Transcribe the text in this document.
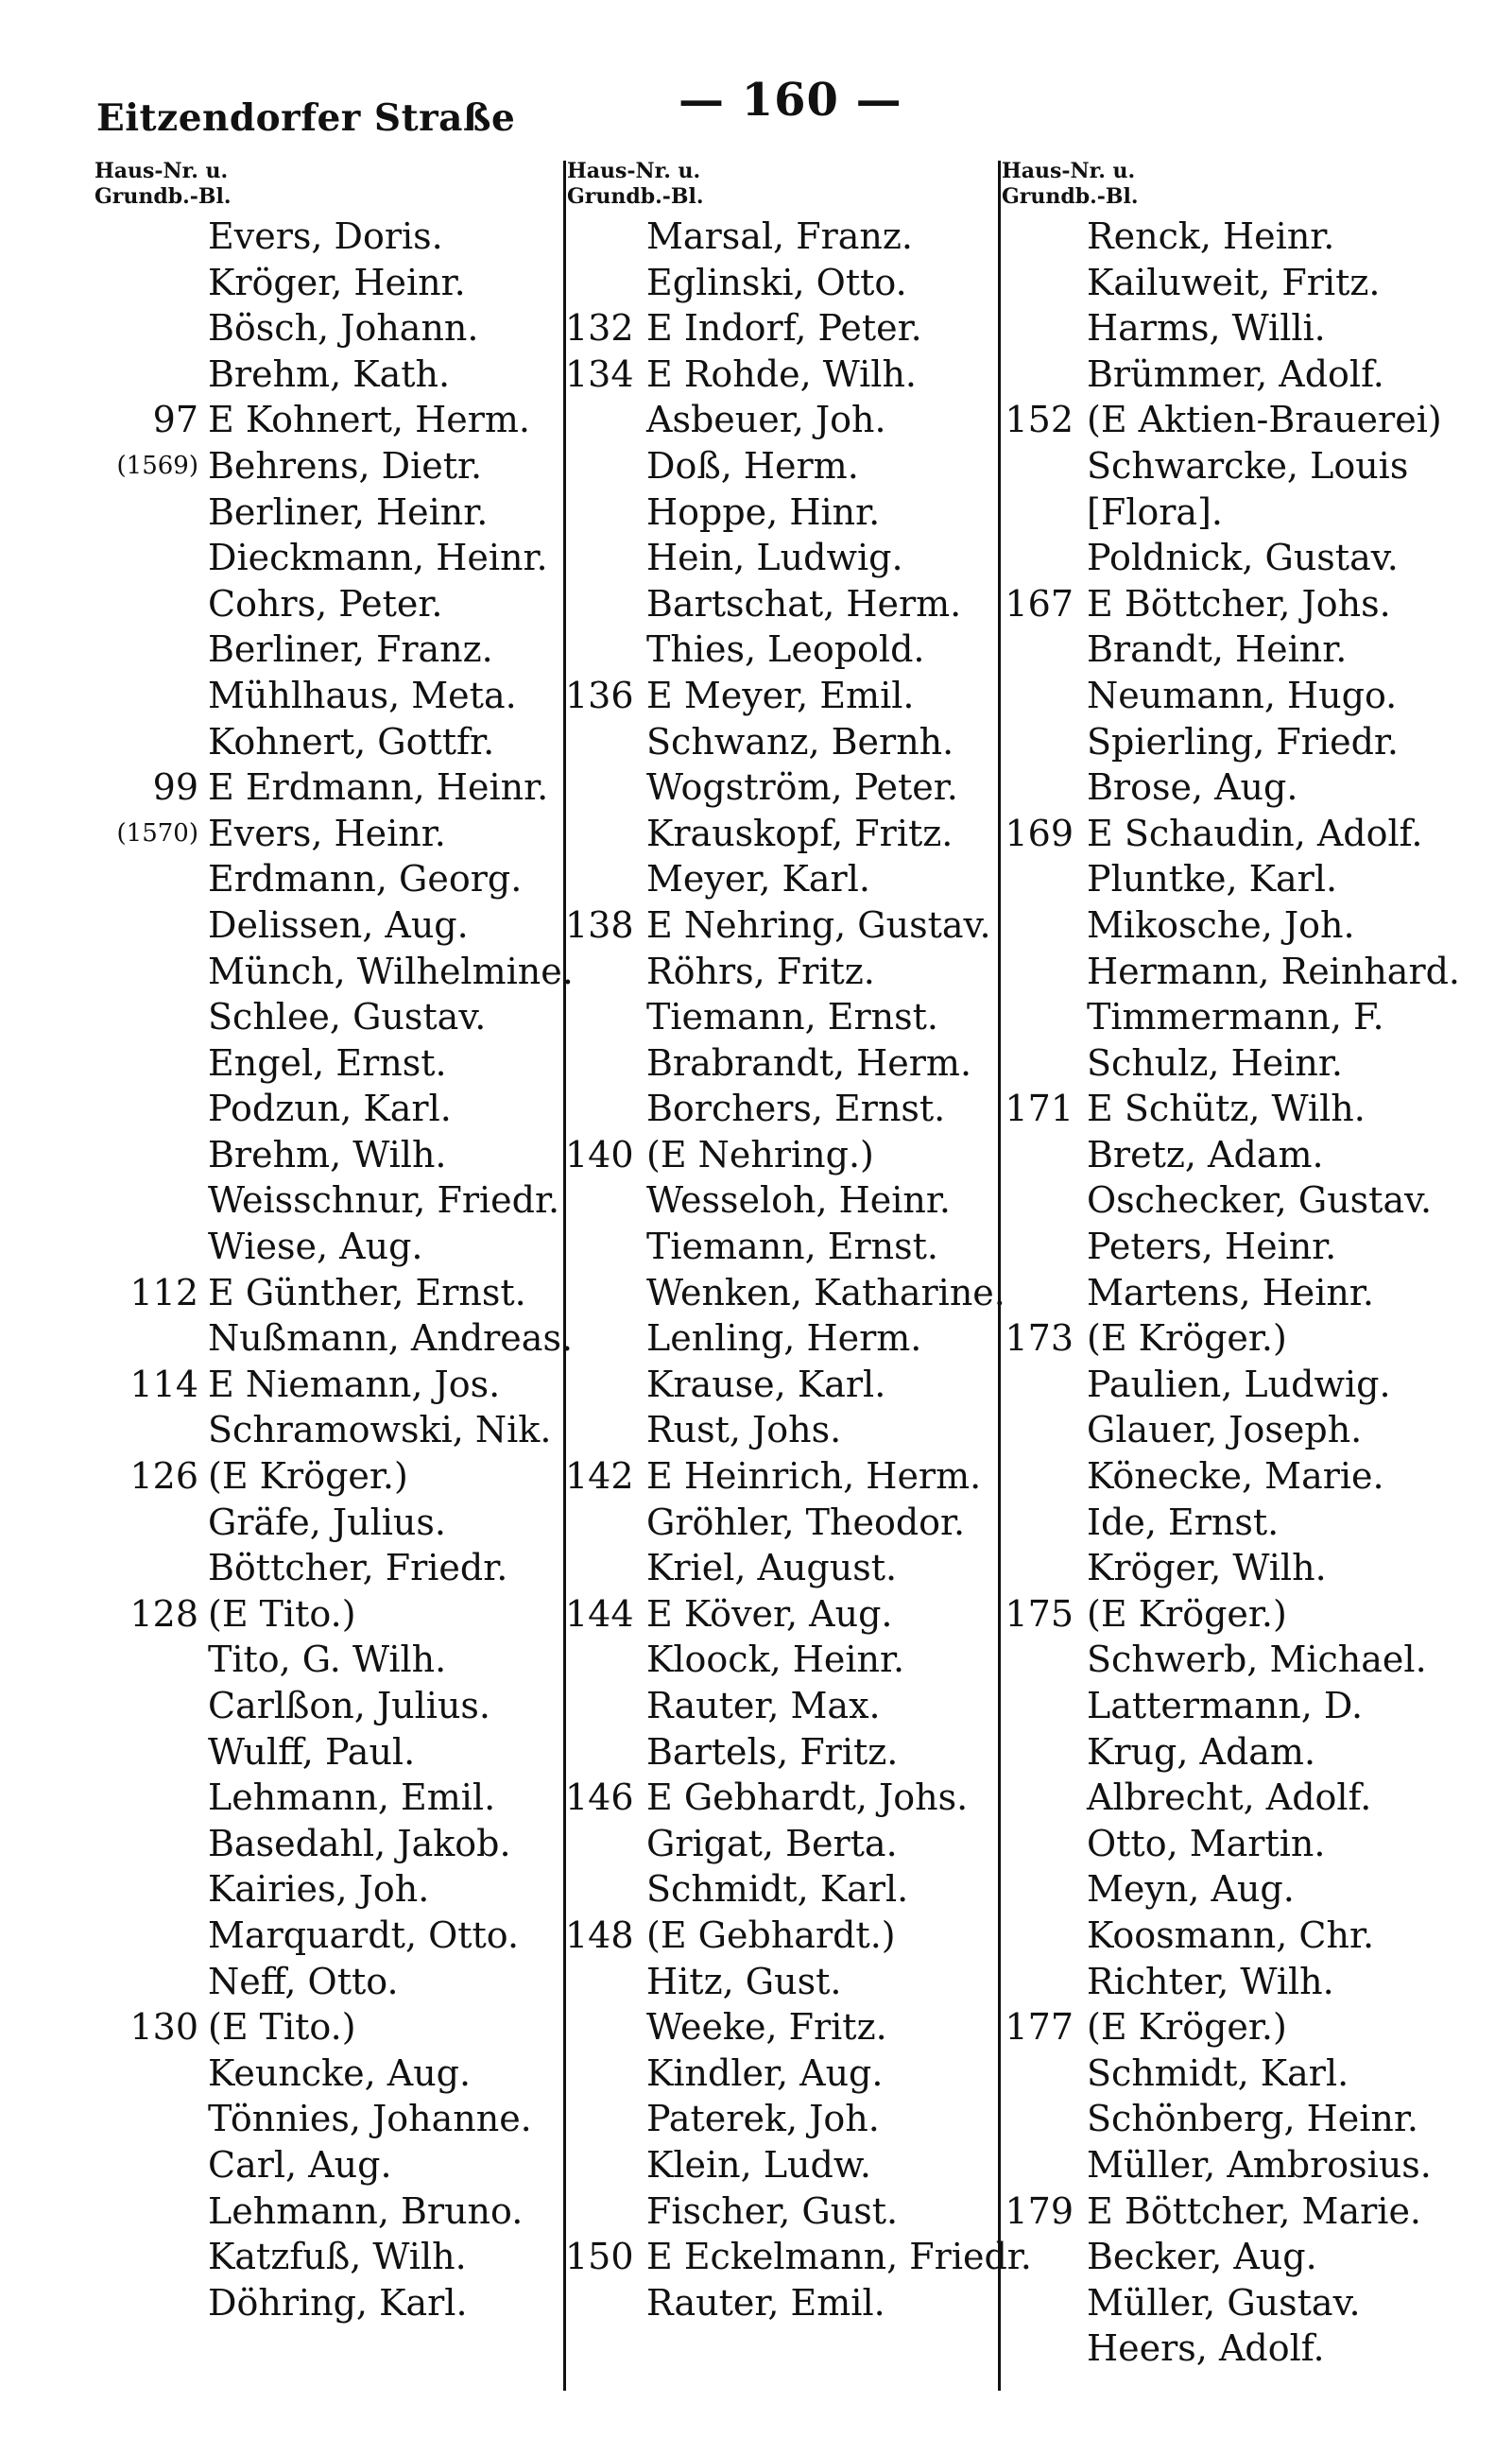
Eitzendorfer Straße	— 160 —
Haus-Nr. u.
Grundb.-Bl.
Evers, Doris.
Kröger, Heinr.
Bösch, Johann.
Brehm, Kath.
97 E Kohnert, Herm.
(1569) Behrens, Dietr.
Berliner, Heinr.
Dieckmann, Heinr.
Cohrs, Peter.
Berliner, Franz.
Mühlhaus, Meta.
Kohnert, Gottfr.
99 E Erdmann, Heinr.
(1570) Evers, Heinr.
Erdmann, Georg.
Delissen, Aug.
Münch, Wilhelmine.
Schlee, Gustav.
Engel, Ernst.
Podzun, Karl.
Brehm, Wilh.
Weisschnur, Friedr.
Wiese, Aug.
112 E Günther, Ernst.
Nußmann, Andreas.
114 E Niemann, Jos.
Schramowski, Nik.
126 (E Kröger.)
Gräfe, Julius.
Böttcher, Friedr.
128 (E Tito.)
Tito, G. Wilh.
Carlßon, Julius.
Wulff, Paul.
Lehmann, Emil.
Basedahl, Jakob.
Kairies, Joh.
Marquardt, Otto.
Neff, Otto.
130 (E Tito.)
Keuncke, Aug.
Tönnies, Johanne.
Carl, Aug.
Lehmann, Bruno.
Katzfuß, Wilh.
Döhring, Karl.
Haus-Nr. u.
Grundb.-Bl.
Marsal, Franz.
Eglinski, Otto.
132 E Indorf, Peter.
134 E Rohde, Wilh.
Asbeuer, Joh.
Doß, Herm.
Hoppe, Hinr.
Hein, Ludwig.
Bartschat, Herm.
Thies, Leopold.
136 E Meyer, Emil.
Schwanz, Bernh.
Wogström, Peter.
Krauskopf, Fritz.
Meyer, Karl.
138 E Nehring, Gustav.
Röhrs, Fritz.
Tiemann, Ernst.
Brabrandt, Herm.
Borchers, Ernst.
140 (E Nehring.)
Wesseloh, Heinr.
Tiemann, Ernst.
Wenken, Katharine.
Lenling, Herm.
Krause, Karl.
Rust, Johs.
142 E Heinrich, Herm.
Gröhler, Theodor.
Kriel, August.
144 E Köver, Aug.
Kloock, Heinr.
Rauter, Max.
Bartels, Fritz.
146 E Gebhardt, Johs.
Grigat, Berta.
Schmidt, Karl.
148 (E Gebhardt.)
Hitz, Gust.
Weeke, Fritz.
Kindler, Aug.
Paterek, Joh.
Klein, Ludw.
Fischer, Gust.
150 E Eckelmann, Friedr.
Rauter, Emil.
Haus-Nr. u.
Grundb.-Bl.
Renck, Heinr.
Kailuweit, Fritz.
Harms, Willi.
Brümmer, Adolf.
152 (E Aktien-Brauerei)
Schwarcke, Louis
[Flora].
Poldnick, Gustav.
167 E Böttcher, Johs.
Brandt, Heinr.
Neumann, Hugo.
Spierling, Friedr.
Brose, Aug.
169 E Schaudin, Adolf.
Pluntke, Karl.
Mikosche, Joh.
Hermann, Reinhard.
Timmermann, F.
Schulz, Heinr.
171 E Schütz, Wilh.
Bretz, Adam.
Oschecker, Gustav.
Peters, Heinr.
Martens, Heinr.
173 (E Kröger.)
Paulien, Ludwig.
Glauer, Joseph.
Könecke, Marie.
Ide, Ernst.
Kröger, Wilh.
175 (E Kröger.)
Schwerb, Michael.
Lattermann, D.
Krug, Adam.
Albrecht, Adolf.
Otto, Martin.
Meyn, Aug.
Koosmann, Chr.
Richter, Wilh.
177 (E Kröger.)
Schmidt, Karl.
Schönberg, Heinr.
Müller, Ambrosius.
179 E Böttcher, Marie.
Becker, Aug.
Müller, Gustav.
Heers, Adolf.
